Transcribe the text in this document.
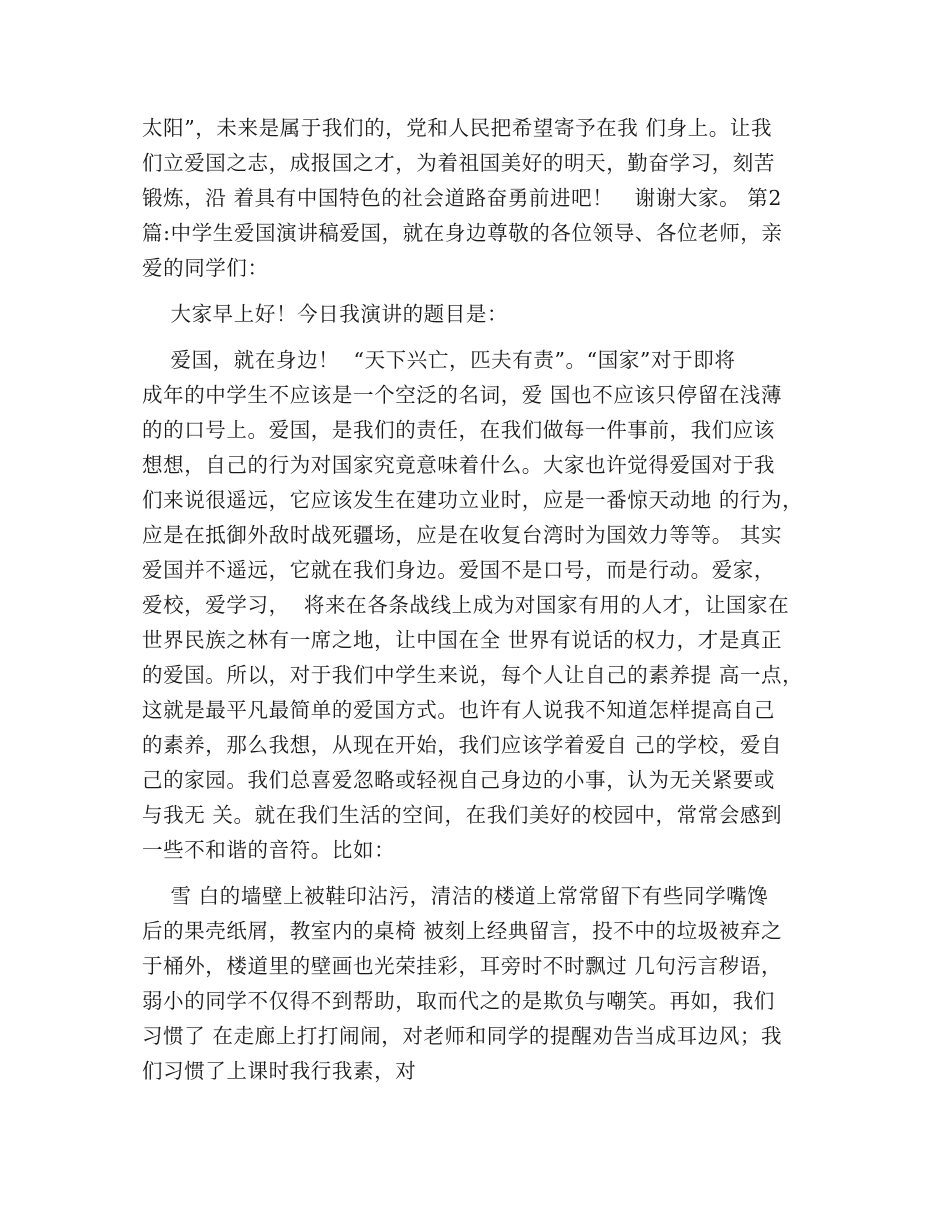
太阳”，未来是属于我们的，党和人民把希望寄予在我 们身上。让我
们立爱国之志，成报国之才，为着祖国美好的明天，勤奋学习，刻苦
锻炼，沿 着具有中国特色的社会道路奋勇前进吧！   谢谢大家。 第2
篇:中学生爱国演讲稿爱国，就在身边尊敬的各位领导、各位老师，亲
爱的同学们：
大家早上好！今日我演讲的题目是：
爱国，就在身边！  “天下兴亡，匹夫有责”。“国家”对于即将
成年的中学生不应该是一个空泛的名词，爱 国也不应该只停留在浅薄
的的口号上。爱国，是我们的责任，在我们做每一件事前，我们应该
想想，自己的行为对国家究竟意味着什么。大家也许觉得爱国对于我
们来说很遥远，它应该发生在建功立业时，应是一番惊天动地 的行为，
应是在抵御外敌时战死疆场，应是在收复台湾时为国效力等等。 其实
爱国并不遥远，它就在我们身边。爱国不是口号，而是行动。爱家，
爱校，爱学习，  将来在各条战线上成为对国家有用的人才，让国家在
世界民族之林有一席之地，让中国在全 世界有说话的权力，才是真正
的爱国。所以，对于我们中学生来说，每个人让自己的素养提 高一点，
这就是最平凡最简单的爱国方式。也许有人说我不知道怎样提高自己
的素养，那么我想，从现在开始，我们应该学着爱自 己的学校，爱自
己的家园。我们总喜爱忽略或轻视自己身边的小事，认为无关紧要或
与我无 关。就在我们生活的空间，在我们美好的校园中，常常会感到
一些不和谐的音符。比如：
雪 白的墙壁上被鞋印沾污，清洁的楼道上常常留下有些同学嘴馋
后的果壳纸屑，教室内的桌椅 被刻上经典留言，投不中的垃圾被弃之
于桶外，楼道里的壁画也光荣挂彩，耳旁时不时飘过 几句污言秽语，
弱小的同学不仅得不到帮助，取而代之的是欺负与嘲笑。再如，我们
习惯了 在走廊上打打闹闹，对老师和同学的提醒劝告当成耳边风；我
们习惯了上课时我行我素，对
